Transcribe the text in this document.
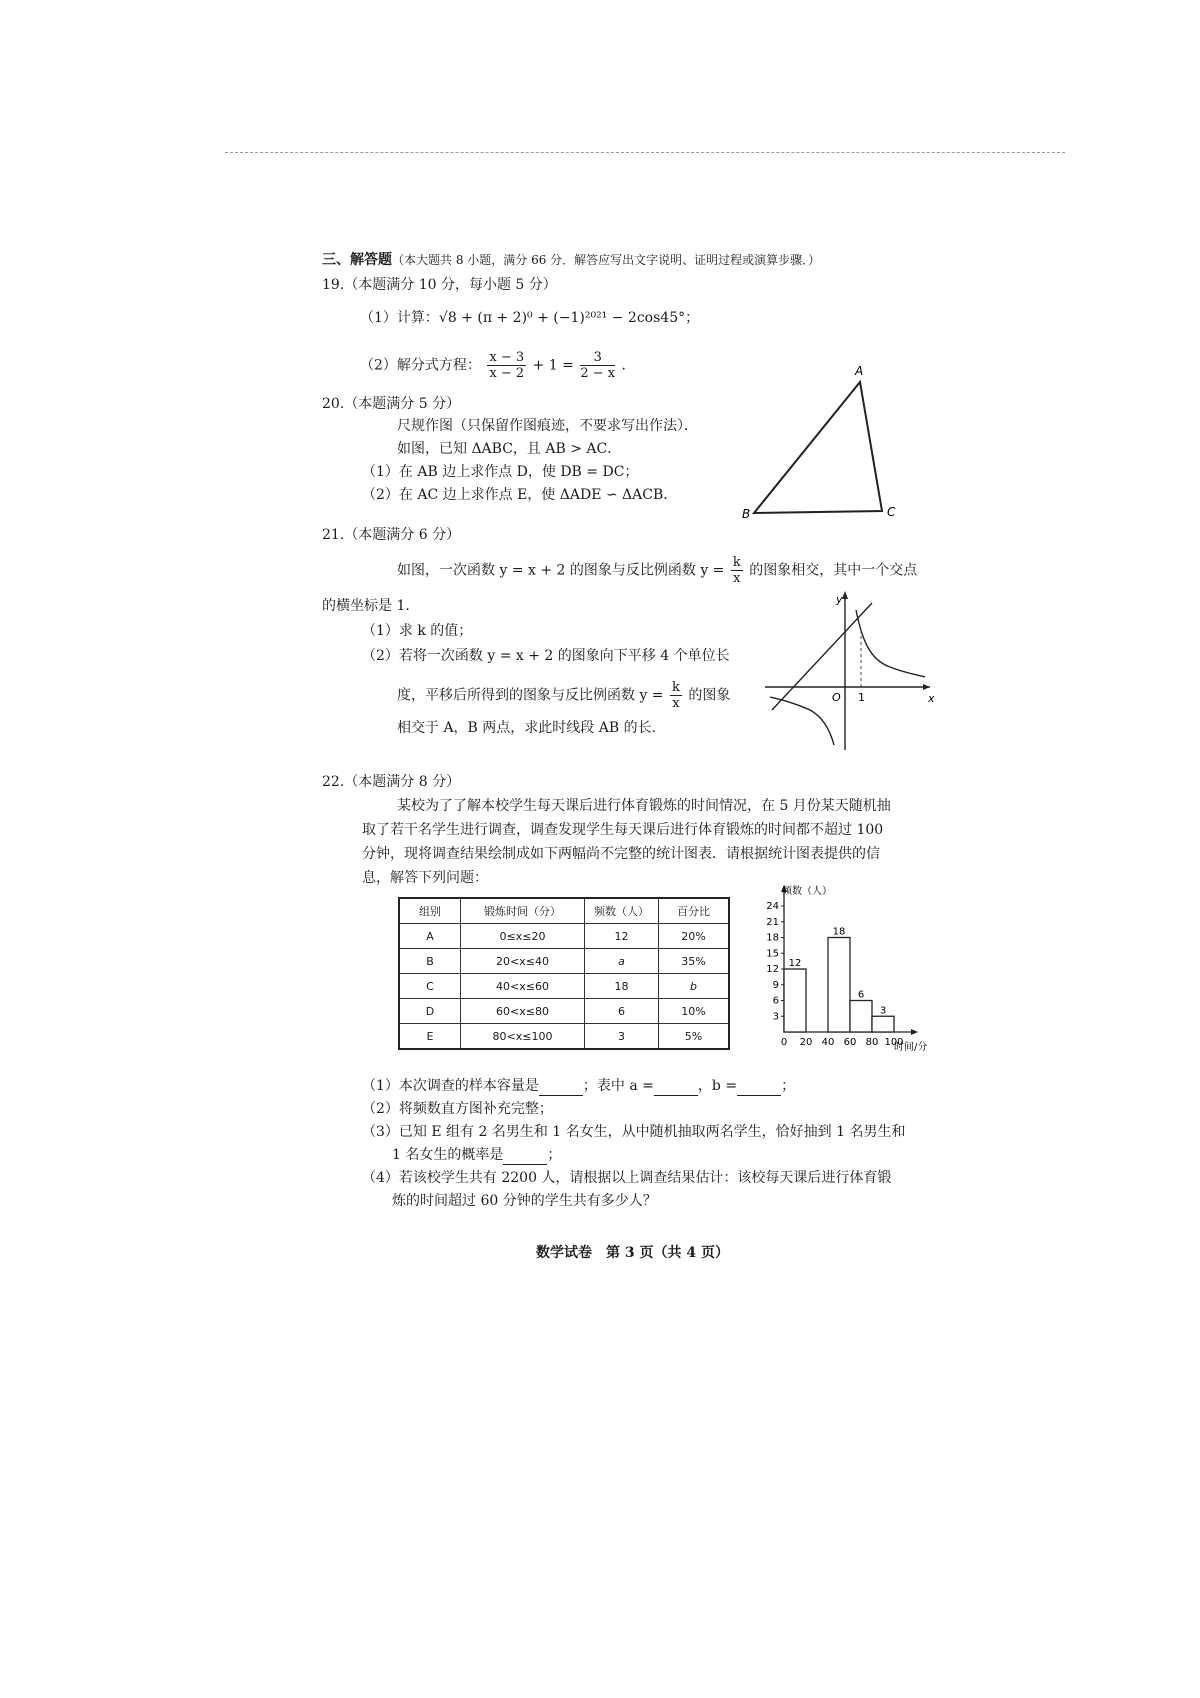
三、解答题（本大题共 8 小题，满分 66 分．解答应写出文字说明、证明过程或演算步骤．）
19.（本题满分 10 分，每小题 5 分）
（1）计算：√8 + (π + 2)⁰ + (−1)²⁰²¹ − 2cos45°；
（2）解分式方程： $\frac{x - 3}{x - 2} + 1 = \frac{3}{2 - x}$ .
20.（本题满分 5 分）
尺规作图（只保留作图痕迹，不要求写出作法）．
如图，已知 ΔABC，且 AB > AC．
（1）在 AB 边上求作点 D，使 DB = DC；
（2）在 AC 边上求作点 E，使 ΔADE ∽ ΔACB．
A
B	C
21.（本题满分 6 分）
如图，一次函数 y = x + 2 的图象与反比例函数 $y = \frac{k}{x}$ 的图象相交，其中一个交点
的横坐标是 1.
（1）求 k 的值；
（2）若将一次函数 y = x + 2 的图象向下平移 4 个单位长
度，平移后所得到的图象与反比例函数 $y = \frac{k}{x}$ 的图象
相交于 A，B 两点，求此时线段 AB 的长.
y
x
O 1
22.（本题满分 8 分）
某校为了了解本校学生每天课后进行体育锻炼的时间情况，在 5 月份某天随机抽
取了若干名学生进行调查，调查发现学生每天课后进行体育锻炼的时间都不超过 100
分钟，现将调查结果绘制成如下两幅尚不完整的统计图表．请根据统计图表提供的信
息，解答下列问题：
组别	锻炼时间（分）	频数（人）	百分比
A	0≤x≤20	12	20%
B	20<x≤40	a	35%
C	40<x≤60	18	b
D	60<x≤80	6	10%
E	80<x≤100	3	5%
频数（人）
时间/分
3
6
9
12
15
18
21
24
0 20 40 60 80 100
12
18
6
3
（1）本次调查的样本容量是	；表中 a =	，b =	；
（2）将频数直方图补充完整；
（3）已知 E 组有 2 名男生和 1 名女生，从中随机抽取两名学生，恰好抽到 1 名男生和
1 名女生的概率是	；
（4）若该校学生共有 2200 人，请根据以上调查结果估计：该校每天课后进行体育锻
炼的时间超过 60 分钟的学生共有多少人？
数学试卷　第 3 页（共 4 页）
